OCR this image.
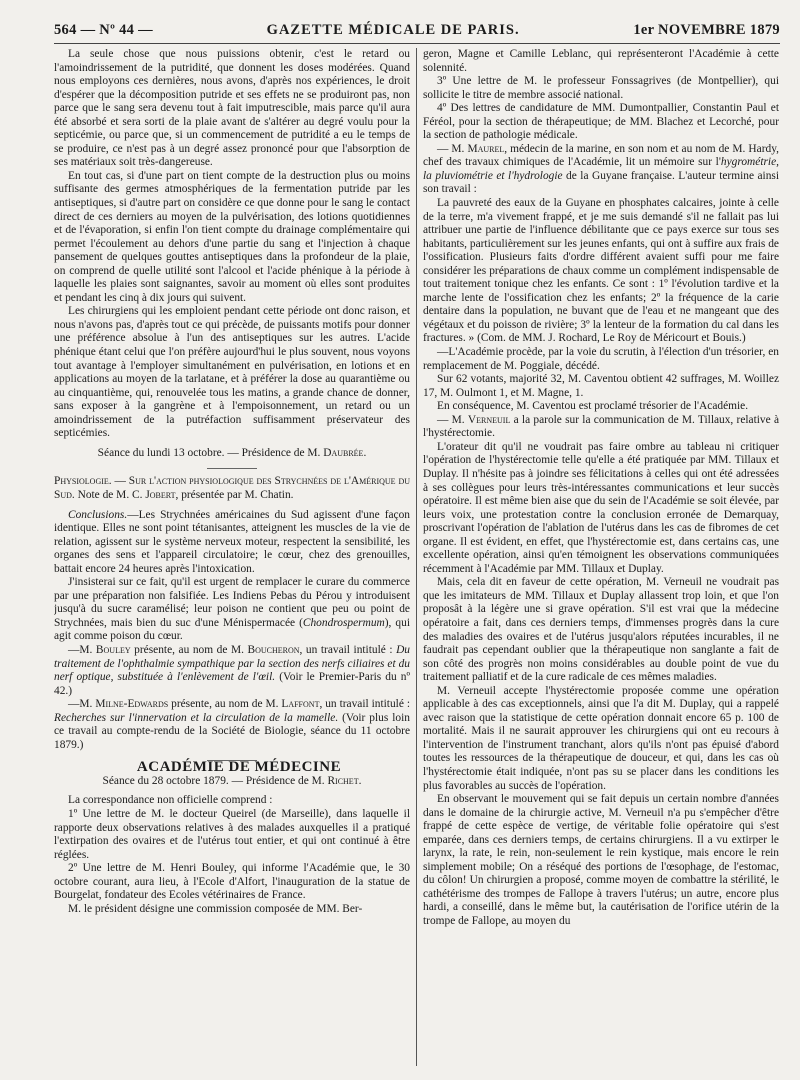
564 — Nº 44 —	GAZETTE MÉDICALE DE PARIS.	1er NOVEMBRE 1879

La seule chose que nous puissions obtenir, c'est le retard ou l'amoindrissement de la putridité, que donnent les doses modérées. Quand nous employons ces dernières, nous avons, d'après nos expériences, le droit d'espérer que la décomposition putride et ses effets ne se produiront pas, non parce que le sang sera devenu tout à fait imputrescible, mais parce qu'il aura été absorbé et sera sorti de la plaie avant de s'altérer au degré voulu pour la septicémie, ou parce que, si un commencement de putridité a eu le temps de se produire, ce n'est pas à un degré assez prononcé pour que l'absorption de ses matériaux soit très-dangereuse.

En tout cas, si d'une part on tient compte de la destruction plus ou moins suffisante des germes atmosphériques de la fermentation putride par les antiseptiques, si d'autre part on considère ce que donne pour le sang le contact direct de ces derniers au moyen de la pulvérisation, des lotions quotidiennes et de l'évaporation, si enfin l'on tient compte du drainage complémentaire qui permet l'écoulement au dehors d'une partie du sang et l'injection à chaque pansement de quelques gouttes antiseptiques dans la profondeur de la plaie, on comprend de quelle utilité sont l'alcool et l'acide phénique à la période à laquelle les plaies sont saignantes, savoir au moment où elles sont produites et pendant les cinq à dix jours qui suivent.

Les chirurgiens qui les emploient pendant cette période ont donc raison, et nous n'avons pas, d'après tout ce qui précède, de puissants motifs pour donner une préférence absolue à l'un des antiseptiques sur les autres. L'acide phénique étant celui que l'on préfère aujourd'hui le plus souvent, nous voyons tout avantage à l'employer simultanément en pulvérisation, en lotions et en applications au moyen de la tarlatane, et à préférer la dose au quarantième ou au cinquantième, qui, renouvelée tous les matins, a grande chance de donner, sans exposer à la gangrène et à l'empoisonnement, un retard ou un amoindrissement de la putréfaction suffisamment préservateur des septicémies.

Séance du lundi 13 octobre. — Présidence de M. Daubrée.

Physiologie. — Sur l'action physiologique des Strychnées de l'Amérique du Sud. Note de M. C. Jobert, présentée par M. Chatin.

Conclusions.—Les Strychnées américaines du Sud agissent d'une façon identique. Elles ne sont point tétanisantes, atteignent les muscles de la vie de relation, agissent sur le système nerveux moteur, respectent la sensibilité, les organes des sens et l'appareil circulatoire; le cœur, chez des grenouilles, battait encore 24 heures après l'intoxication.

J'insisterai sur ce fait, qu'il est urgent de remplacer le curare du commerce par une préparation non falsifiée. Les Indiens Pebas du Pérou y introduisent jusqu'à du sucre caramélisé; leur poison ne contient que peu ou point de Strychnées, mais bien du suc d'une Ménispermacée (Chondrospermum), qui agit comme poison du cœur.

—M. Bouley présente, au nom de M. Boucheron, un travail intitulé : Du traitement de l'ophthalmie sympathique par la section des nerfs ciliaires et du nerf optique, substituée à l'enlèvement de l'œil. (Voir le Premier-Paris du nº 42.)

—M. Milne-Edwards présente, au nom de M. Laffont, un travail intitulé : Recherches sur l'innervation et la circulation de la mamelle. (Voir plus loin ce travail au compte-rendu de la Société de Biologie, séance du 11 octobre 1879.)

ACADÉMIE DE MÉDECINE

Séance du 28 octobre 1879. — Présidence de M. Richet.

La correspondance non officielle comprend :

1º Une lettre de M. le docteur Queirel (de Marseille), dans laquelle il rapporte deux observations relatives à des malades auxquelles il a pratiqué l'extirpation des ovaires et de l'utérus tout entier, et qui ont continué à être réglées.

2º Une lettre de M. Henri Bouley, qui informe l'Académie que, le 30 octobre courant, aura lieu, à l'Ecole d'Alfort, l'inauguration de la statue de Bourgelat, fondateur des Ecoles vétérinaires de France.

M. le président désigne une commission composée de MM. Ber-

geron, Magne et Camille Leblanc, qui représenteront l'Académie à cette solennité.

3º Une lettre de M. le professeur Fonssagrives (de Montpellier), qui sollicite le titre de membre associé national.

4º Des lettres de candidature de MM. Dumontpallier, Constantin Paul et Féréol, pour la section de thérapeutique; de MM. Blachez et Lecorché, pour la section de pathologie médicale.

— M. Maurel, médecin de la marine, en son nom et au nom de M. Hardy, chef des travaux chimiques de l'Académie, lit un mémoire sur l'hygrométrie, la pluviométrie et l'hydrologie de la Guyane française. L'auteur termine ainsi son travail :

La pauvreté des eaux de la Guyane en phosphates calcaires, jointe à celle de la terre, m'a vivement frappé, et je me suis demandé s'il ne fallait pas lui attribuer une partie de l'influence débilitante que ce pays exerce sur tous ses habitants, particulièrement sur les jeunes enfants, qui ont à suffire aux frais de l'ossification. Plusieurs faits d'ordre différent avaient suffi pour me faire considérer les préparations de chaux comme un complément indispensable de tout traitement tonique chez les enfants. Ce sont : 1º l'évolution tardive et la marche lente de l'ossification chez les enfants; 2º la fréquence de la carie dentaire dans la population, ne buvant que de l'eau et ne mangeant que des végétaux et du poisson de rivière; 3º la lenteur de la formation du cal dans les fractures. » (Com. de MM. J. Rochard, Le Roy de Méricourt et Bouis.)

—L'Académie procède, par la voie du scrutin, à l'élection d'un trésorier, en remplacement de M. Poggiale, décédé.

Sur 62 votants, majorité 32, M. Caventou obtient 42 suffrages, M. Woillez 17, M. Oulmont 1, et M. Magne, 1.

En conséquence, M. Caventou est proclamé trésorier de l'Académie.

— M. Verneuil a la parole sur la communication de M. Tillaux, relative à l'hystérectomie.

L'orateur dit qu'il ne voudrait pas faire ombre au tableau ni critiquer l'opération de l'hystérectomie telle qu'elle a été pratiquée par MM. Tillaux et Duplay. Il n'hésite pas à joindre ses félicitations à celles qui ont été adressées à ses collègues pour leurs très-intéressantes communications et leur succès opératoire. Il est même bien aise que du sein de l'Académie se soit élevée, par leurs voix, une protestation contre la conclusion erronée de Demarquay, proscrivant l'opération de l'ablation de l'utérus dans les cas de fibromes de cet organe. Il est évident, en effet, que l'hystérectomie est, dans certains cas, une excellente opération, ainsi qu'en témoignent les observations communiquées récemment à l'Académie par MM. Tillaux et Duplay.

Mais, cela dit en faveur de cette opération, M. Verneuil ne voudrait pas que les imitateurs de MM. Tillaux et Duplay allassent trop loin, et que l'on proposât à la légère une si grave opération. S'il est vrai que la médecine opératoire a fait, dans ces derniers temps, d'immenses progrès dans la cure des maladies des ovaires et de l'utérus jusqu'alors réputées incurables, il ne faudrait pas cependant oublier que la thérapeutique non sanglante a fait de son côté des progrès non moins considérables au double point de vue du traitement palliatif et de la cure radicale de ces mêmes maladies.

M. Verneuil accepte l'hystérectomie proposée comme une opération applicable à des cas exceptionnels, ainsi que l'a dit M. Duplay, qui a rappelé avec raison que la statistique de cette opération donnait encore 65 p. 100 de mortalité. Mais il ne saurait approuver les chirurgiens qui ont eu recours à l'intervention de l'instrument tranchant, alors qu'ils n'ont pas épuisé d'abord toutes les ressources de la thérapeutique de douceur, et qui, dans les cas où l'hystérectomie était indiquée, n'ont pas su se placer dans les conditions les plus favorables au succès de l'opération.

En observant le mouvement qui se fait depuis un certain nombre d'années dans le domaine de la chirurgie active, M. Verneuil n'a pu s'empêcher d'être frappé de cette espèce de vertige, de véritable folie opératoire qui s'est emparée, dans ces derniers temps, de certains chirurgiens. Il a vu extirper le larynx, la rate, le rein, non-seulement le rein kystique, mais encore le rein simplement mobile; On a réséqué des portions de l'œsophage, de l'estomac, du côlon! Un chirurgien a proposé, comme moyen de combattre la stérilité, le cathétérisme des trompes de Fallope à travers l'utérus; un autre, encore plus hardi, a conseillé, dans le même but, la cautérisation de l'orifice utérin de la trompe de Fallope, au moyen du
